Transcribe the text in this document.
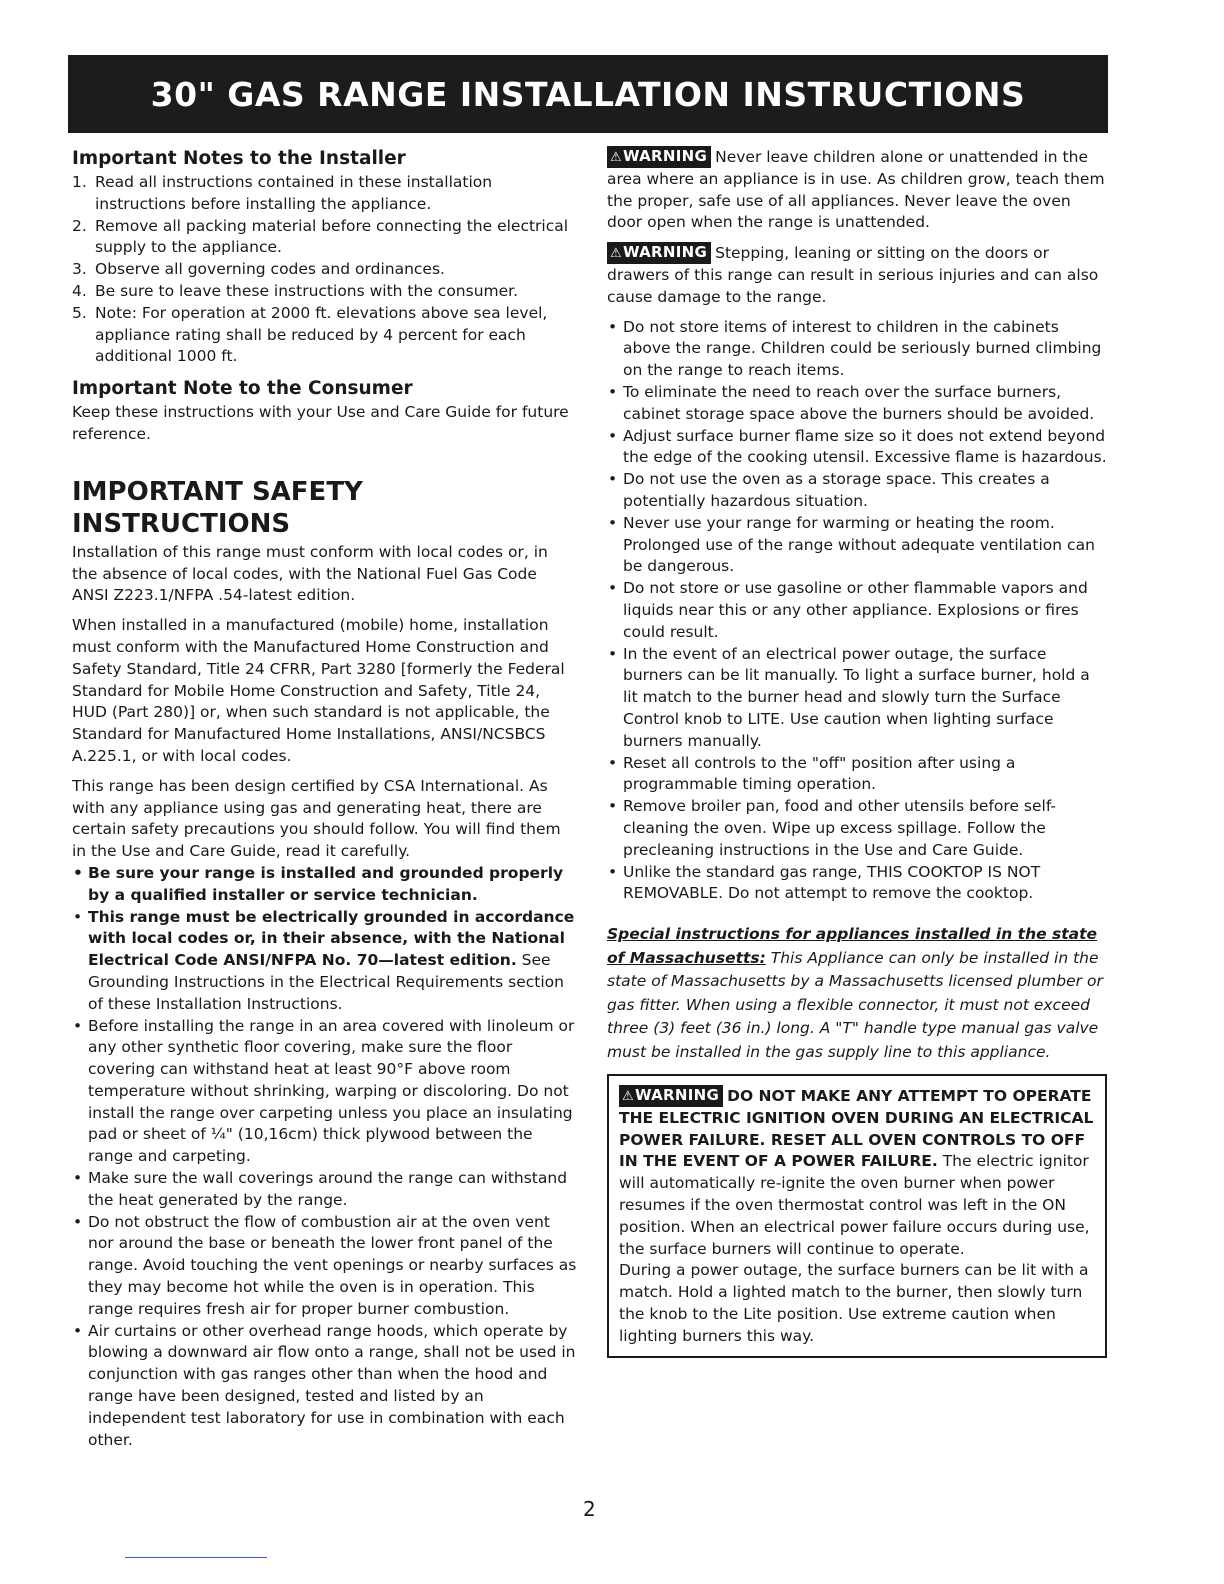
30" GAS RANGE INSTALLATION INSTRUCTIONS
Important Notes to the Installer
1. Read all instructions contained in these installation instructions before installing the appliance.
2. Remove all packing material before connecting the electrical supply to the appliance.
3. Observe all governing codes and ordinances.
4. Be sure to leave these instructions with the consumer.
5. Note: For operation at 2000 ft. elevations above sea level, appliance rating shall be reduced by 4 percent for each additional 1000 ft.
Important Note to the Consumer

Keep these instructions with your Use and Care Guide for future reference.

IMPORTANT SAFETY INSTRUCTIONS

Installation of this range must conform with local codes or, in the absence of local codes, with the National Fuel Gas Code ANSI Z223.1/NFPA .54-latest edition.

When installed in a manufactured (mobile) home, installation must conform with the Manufactured Home Construction and Safety Standard, Title 24 CFRR, Part 3280 [formerly the Federal Standard for Mobile Home Construction and Safety, Title 24, HUD (Part 280)] or, when such standard is not applicable, the Standard for Manufactured Home Installations, ANSI/NCSBCS A.225.1, or with local codes.

This range has been design certified by CSA International. As with any appliance using gas and generating heat, there are certain safety precautions you should follow. You will find them in the Use and Care Guide, read it carefully.

• Be sure your range is installed and grounded properly by a qualified installer or service technician.
• This range must be electrically grounded in accordance with local codes or, in their absence, with the National Electrical Code ANSI/NFPA No. 70—latest edition. See Grounding Instructions in the Electrical Requirements section of these Installation Instructions.
• Before installing the range in an area covered with linoleum or any other synthetic floor covering, make sure the floor covering can withstand heat at least 90°F above room temperature without shrinking, warping or discoloring. Do not install the range over carpeting unless you place an insulating pad or sheet of ¼" (10,16cm) thick plywood between the range and carpeting.
• Make sure the wall coverings around the range can withstand the heat generated by the range.
• Do not obstruct the flow of combustion air at the oven vent nor around the base or beneath the lower front panel of the range. Avoid touching the vent openings or nearby surfaces as they may become hot while the oven is in operation. This range requires fresh air for proper burner combustion.
• Air curtains or other overhead range hoods, which operate by blowing a downward air flow onto a range, shall not be used in conjunction with gas ranges other than when the hood and range have been designed, tested and listed by an independent test laboratory for use in combination with each other.

⚠WARNING Never leave children alone or unattended in the area where an appliance is in use. As children grow, teach them the proper, safe use of all appliances. Never leave the oven door open when the range is unattended.

⚠WARNING Stepping, leaning or sitting on the doors or drawers of this range can result in serious injuries and can also cause damage to the range.

• Do not store items of interest to children in the cabinets above the range. Children could be seriously burned climbing on the range to reach items.
• To eliminate the need to reach over the surface burners, cabinet storage space above the burners should be avoided.
• Adjust surface burner flame size so it does not extend beyond the edge of the cooking utensil. Excessive flame is hazardous.
• Do not use the oven as a storage space. This creates a potentially hazardous situation.
• Never use your range for warming or heating the room. Prolonged use of the range without adequate ventilation can be dangerous.
• Do not store or use gasoline or other flammable vapors and liquids near this or any other appliance. Explosions or fires could result.
• In the event of an electrical power outage, the surface burners can be lit manually. To light a surface burner, hold a lit match to the burner head and slowly turn the Surface Control knob to LITE. Use caution when lighting surface burners manually.
• Reset all controls to the "off" position after using a programmable timing operation.
• Remove broiler pan, food and other utensils before self-cleaning the oven. Wipe up excess spillage. Follow the precleaning instructions in the Use and Care Guide.
• Unlike the standard gas range, THIS COOKTOP IS NOT REMOVABLE. Do not attempt to remove the cooktop.

Special instructions for appliances installed in the state of Massachusetts: This Appliance can only be installed in the state of Massachusetts by a Massachusetts licensed plumber or gas fitter. When using a flexible connector, it must not exceed three (3) feet (36 in.) long. A "T" handle type manual gas valve must be installed in the gas supply line to this appliance.

⚠WARNING DO NOT MAKE ANY ATTEMPT TO OPERATE THE ELECTRIC IGNITION OVEN DURING AN ELECTRICAL POWER FAILURE. RESET ALL OVEN CONTROLS TO OFF IN THE EVENT OF A POWER FAILURE. The electric ignitor will automatically re-ignite the oven burner when power resumes if the oven thermostat control was left in the ON position. When an electrical power failure occurs during use, the surface burners will continue to operate.
During a power outage, the surface burners can be lit with a match. Hold a lighted match to the burner, then slowly turn the knob to the Lite position. Use extreme caution when lighting burners this way.
2
